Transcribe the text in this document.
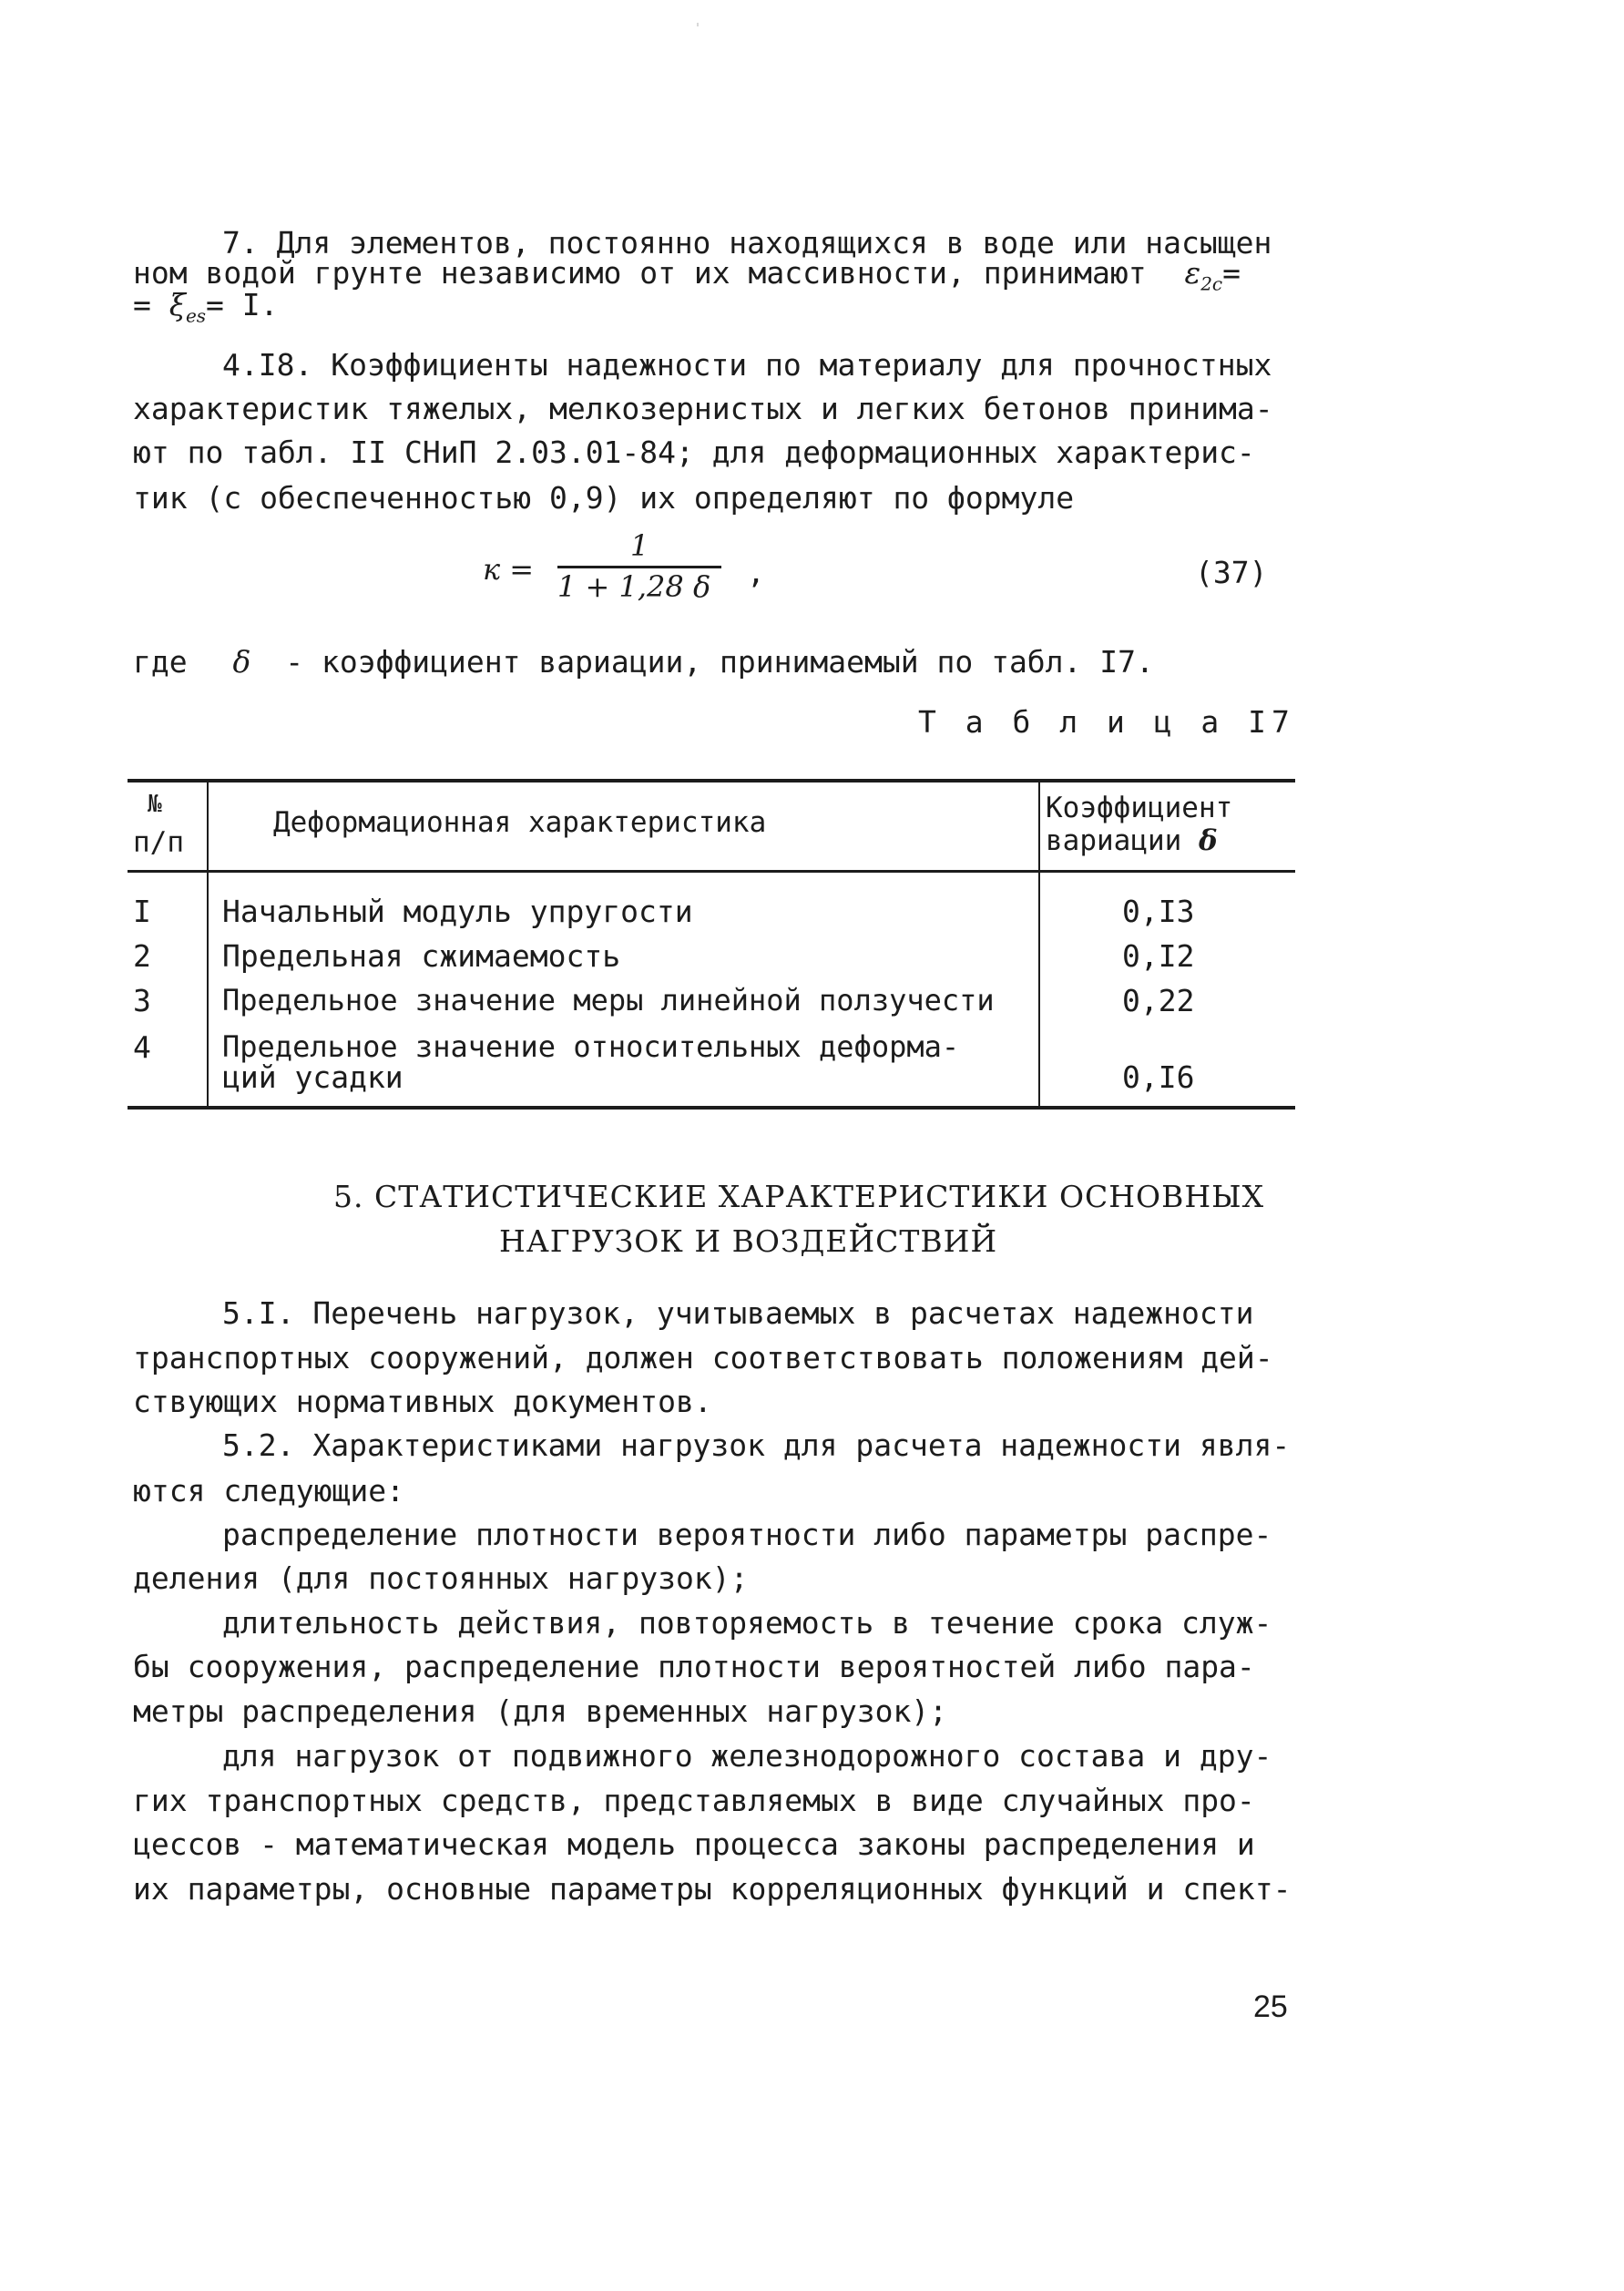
7. Для элементов, постоянно находящихся в воде или насыщен
ном водой грунте независимо от их массивности, принимают $\varepsilon_{2c}=$
= $\xi_{es}= I$.
4.I8. Коэффициенты надежности по материалу для прочностных
характеристик тяжелых, мелкозернистых и легких бетонов принима-
ют по табл. II СНиП 2.03.01-84; для деформационных характерис-
тик (с обеспеченностью 0,9) их определяют по формуле
к =
1
1 + 1,28 δ ,	(37)
где δ - коэффициент вариации, принимаемый по табл. I7.
Т а б л и ц а I7
№
п/п
Деформационная характеристика	Коэффициент
вариации δ
I Начальный модуль упругости	0,I3
2 Предельная сжимаемость	0,I2
3 Предельное значение меры линейной ползучести	0,22
4 Предельное значение относительных деформа-
ций усадки	0,I6
5. СТАТИСТИЧЕСКИЕ ХАРАКТЕРИСТИКИ ОСНОВНЫХ
НАГРУЗОК И ВОЗДЕЙСТВИЙ
5.I. Перечень нагрузок, учитываемых в расчетах надежности
транспортных сооружений, должен соответствовать положениям дей-
ствующих нормативных документов.
5.2. Характеристиками нагрузок для расчета надежности явля-
ются следующие:
распределение плотности вероятности либо параметры распре-
деления (для постоянных нагрузок);
длительность действия, повторяемость в течение срока служ-
бы сооружения, распределение плотности вероятностей либо пара-
метры распределения (для временных нагрузок);
для нагрузок от подвижного железнодорожного состава и дру-
гих транспортных средств, представляемых в виде случайных про-
цессов - математическая модель процесса законы распределения и
их параметры, основные параметры корреляционных функций и спект-
25
